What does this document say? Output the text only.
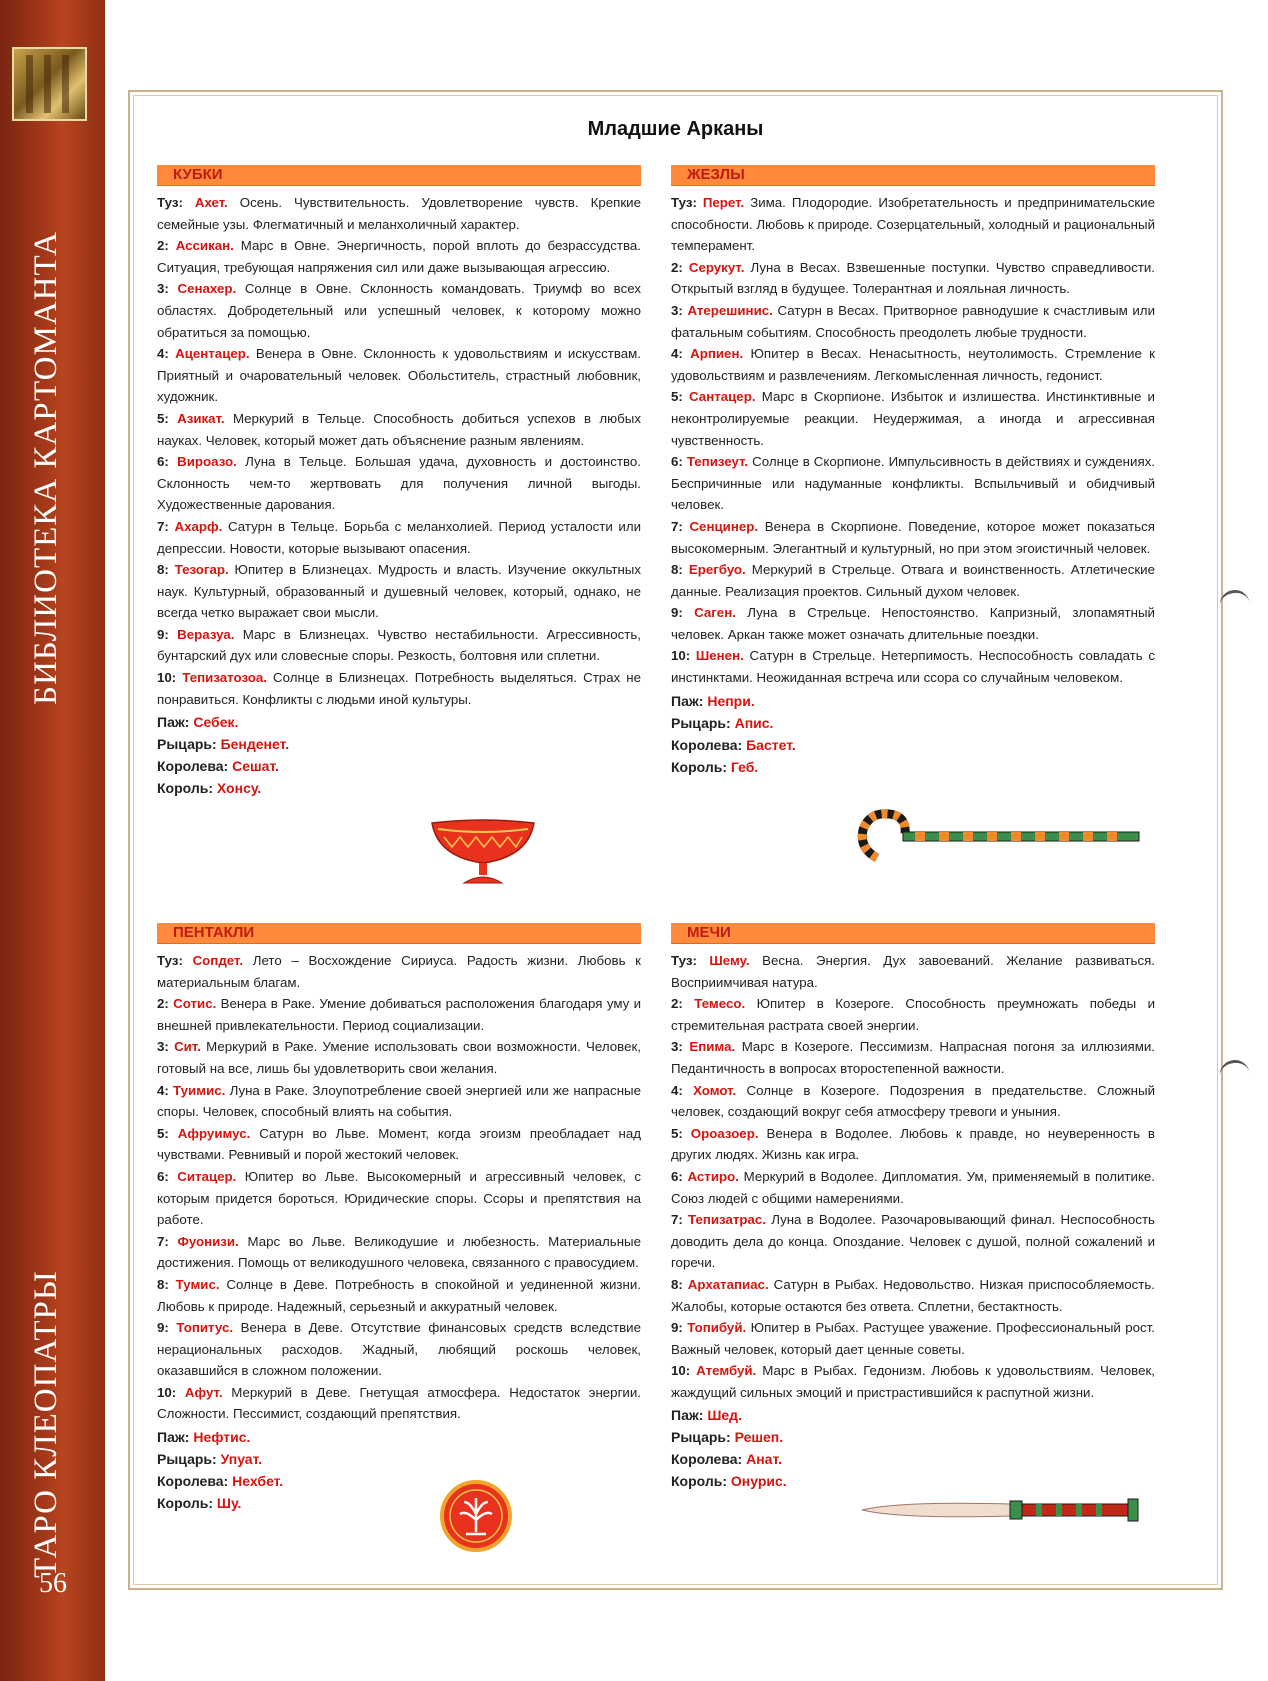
БИБЛИОТЕКА КАРТОМАНТА
ТАРО КЛЕОПАТРЫ
56
Младшие Арканы
КУБКИ
Туз: Ахет. Осень. Чувствительность. Удовлетворение чувств. Крепкие семейные узы. Флегматичный и меланхоличный характер.
2: Ассикан. Марс в Овне. Энергичность, порой вплоть до безрассудства. Ситуация, требующая напряжения сил или даже вызывающая агрессию.
3: Сенахер. Солнце в Овне. Склонность командовать. Триумф во всех областях. Добродетельный или успешный человек, к которому можно обратиться за помощью.
4: Ацентацер. Венера в Овне. Склонность к удовольствиям и искусствам. Приятный и очаровательный человек. Обольститель, страстный любовник, художник.
5: Азикат. Меркурий в Тельце. Способность добиться успехов в любых науках. Человек, который может дать объяснение разным явлениям.
6: Вироазо. Луна в Тельце. Большая удача, духовность и достоинство. Склонность чем-то жертвовать для получения личной выгоды. Художественные дарования.
7: Ахарф. Сатурн в Тельце. Борьба с меланхолией. Период усталости или депрессии. Новости, которые вызывают опасения.
8: Тезогар. Юпитер в Близнецах. Мудрость и власть. Изучение оккультных наук. Культурный, образованный и душевный человек, который, однако, не всегда четко выражает свои мысли.
9: Веразуа. Марс в Близнецах. Чувство нестабильности. Агрессивность, бунтарский дух или словесные споры. Резкость, болтовня или сплетни.
10: Тепизатозоа. Солнце в Близнецах. Потребность выделяться. Страх не понравиться. Конфликты с людьми иной культуры.
Паж: Себек.
Рыцарь: Бенденет.
Королева: Сешат.
Король: Хонсу.
ЖЕЗЛЫ
Туз: Перет. Зима. Плодородие. Изобретательность и предпринимательские способности. Любовь к природе. Созерцательный, холодный и рациональный темперамент.
2: Серукут. Луна в Весах. Взвешенные поступки. Чувство справедливости. Открытый взгляд в будущее. Толерантная и лояльная личность.
3: Атерешинис. Сатурн в Весах. Притворное равнодушие к счастливым или фатальным событиям. Способность преодолеть любые трудности.
4: Арпиен. Юпитер в Весах. Ненасытность, неутолимость. Стремление к удовольствиям и развлечениям. Легкомысленная личность, гедонист.
5: Сантацер. Марс в Скорпионе. Избыток и излишества. Инстинктивные и неконтролируемые реакции. Неудержимая, а иногда и агрессивная чувственность.
6: Тепизеут. Солнце в Скорпионе. Импульсивность в действиях и суждениях. Беспричинные или надуманные конфликты. Вспыльчивый и обидчивый человек.
7: Сенцинер. Венера в Скорпионе. Поведение, которое может показаться высокомерным. Элегантный и культурный, но при этом эгоистичный человек.
8: Ерегбуо. Меркурий в Стрельце. Отвага и воинственность. Атлетические данные. Реализация проектов. Сильный духом человек.
9: Саген. Луна в Стрельце. Непостоянство. Капризный, злопамятный человек. Аркан также может означать длительные поездки.
10: Шенен. Сатурн в Стрельце. Нетерпимость. Неспособность совладать с инстинктами. Неожиданная встреча или ссора со случайным человеком.
Паж: Непри.
Рыцарь: Апис.
Королева: Бастет.
Король: Геб.
ПЕНТАКЛИ
Туз: Сопдет. Лето – Восхождение Сириуса. Радость жизни. Любовь к материальным благам.
2: Сотис. Венера в Раке. Умение добиваться расположения благодаря уму и внешней привлекательности. Период социализации.
3: Сит. Меркурий в Раке. Умение использовать свои возможности. Человек, готовый на все, лишь бы удовлетворить свои желания.
4: Туимис. Луна в Раке. Злоупотребление своей энергией или же напрасные споры. Человек, способный влиять на события.
5: Афруимус. Сатурн во Льве. Момент, когда эгоизм преобладает над чувствами. Ревнивый и порой жестокий человек.
6: Ситацер. Юпитер во Льве. Высокомерный и агрессивный человек, с которым придется бороться. Юридические споры. Ссоры и препятствия на работе.
7: Фуонизи. Марс во Льве. Великодушие и любезность. Материальные достижения. Помощь от великодушного человека, связанного с правосудием.
8: Тумис. Солнце в Деве. Потребность в спокойной и уединенной жизни. Любовь к природе. Надежный, серьезный и аккуратный человек.
9: Топитус. Венера в Деве. Отсутствие финансовых средств вследствие нерациональных расходов. Жадный, любящий роскошь человек, оказавшийся в сложном положении.
10: Афут. Меркурий в Деве. Гнетущая атмосфера. Недостаток энергии. Сложности. Пессимист, создающий препятствия.
Паж: Нефтис.
Рыцарь: Упуат.
Королева: Нехбет.
Король: Шу.
МЕЧИ
Туз: Шему. Весна. Энергия. Дух завоеваний. Желание развиваться. Восприимчивая натура.
2: Темесо. Юпитер в Козероге. Способность преумножать победы и стремительная растрата своей энергии.
3: Епима. Марс в Козероге. Пессимизм. Напрасная погоня за иллюзиями. Педантичность в вопросах второстепенной важности.
4: Хомот. Солнце в Козероге. Подозрения в предательстве. Сложный человек, создающий вокруг себя атмосферу тревоги и уныния.
5: Ороазоер. Венера в Водолее. Любовь к правде, но неуверенность в других людях. Жизнь как игра.
6: Астиро. Меркурий в Водолее. Дипломатия. Ум, применяемый в политике. Союз людей с общими намерениями.
7: Тепизатрас. Луна в Водолее. Разочаровывающий финал. Неспособность доводить дела до конца. Опоздание. Человек с душой, полной сожалений и горечи.
8: Архатапиас. Сатурн в Рыбах. Недовольство. Низкая приспособляемость. Жалобы, которые остаются без ответа. Сплетни, бестактность.
9: Топибуй. Юпитер в Рыбах. Растущее уважение. Профессиональный рост. Важный человек, который дает ценные советы.
10: Атембуй. Марс в Рыбах. Гедонизм. Любовь к удовольствиям. Человек, жаждущий сильных эмоций и пристрастившийся к распутной жизни.
Паж: Шед.
Рыцарь: Решеп.
Королева: Анат.
Король: Онурис.
